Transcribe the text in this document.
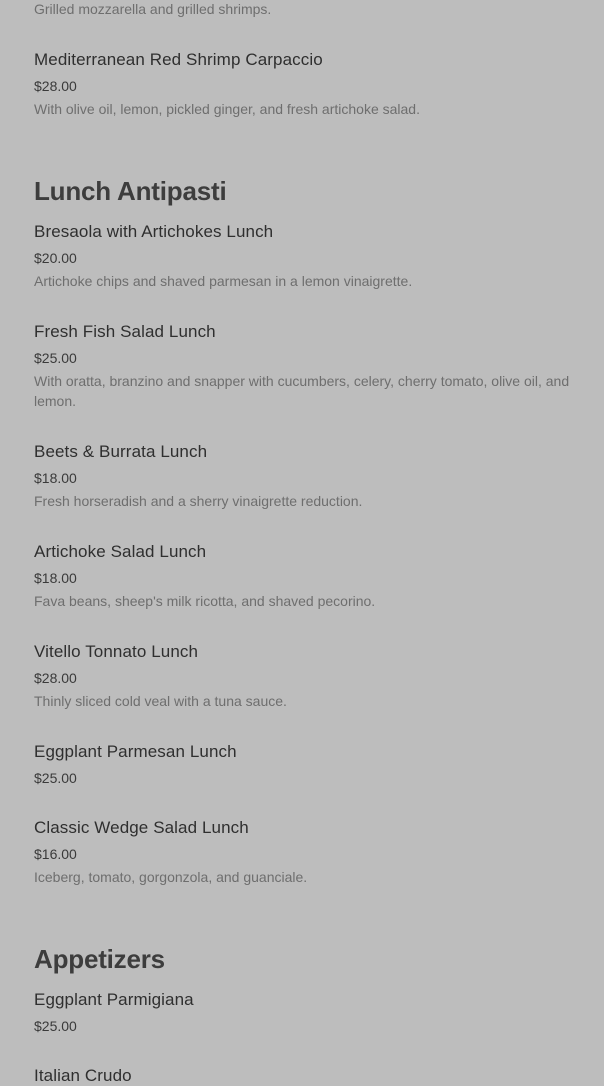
Grilled mozzarella and grilled shrimps.
Mediterranean Red Shrimp Carpaccio
$28.00
With olive oil, lemon, pickled ginger, and fresh artichoke salad.
Lunch Antipasti
Bresaola with Artichokes Lunch
$20.00
Artichoke chips and shaved parmesan in a lemon vinaigrette.
Fresh Fish Salad Lunch
$25.00
With oratta, branzino and snapper with cucumbers, celery, cherry tomato, olive oil, and lemon.
Beets & Burrata Lunch
$18.00
Fresh horseradish and a sherry vinaigrette reduction.
Artichoke Salad Lunch
$18.00
Fava beans, sheep's milk ricotta, and shaved pecorino.
Vitello Tonnato Lunch
$28.00
Thinly sliced cold veal with a tuna sauce.
Eggplant Parmesan Lunch
$25.00
Classic Wedge Salad Lunch
$16.00
Iceberg, tomato, gorgonzola, and guanciale.
Appetizers
Eggplant Parmigiana
$25.00
Italian Crudo
